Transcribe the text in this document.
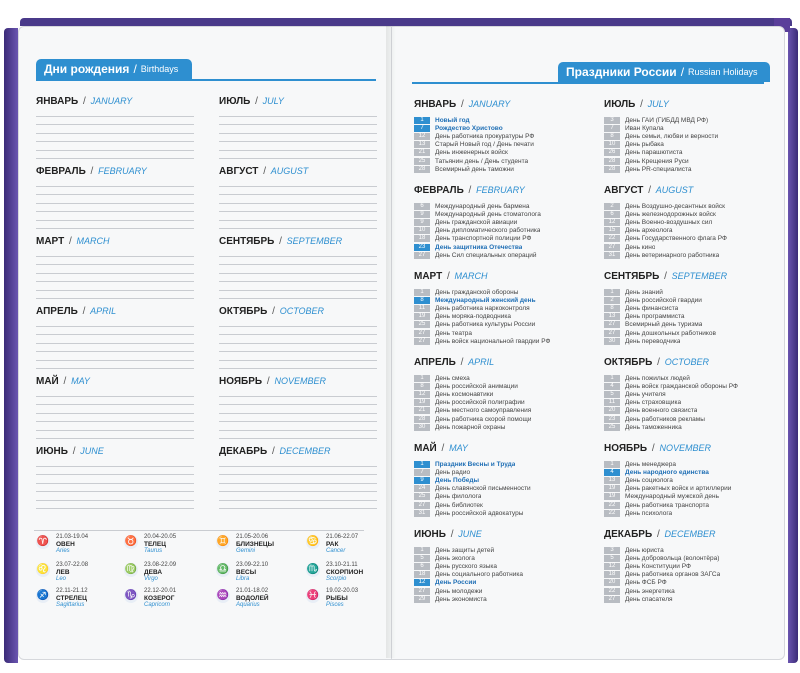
Дни рождения / Birthdays	Праздники России / Russian Holidays
ЯНВАРЬ / JANUARY
ФЕВРАЛЬ / FEBRUARY
МАРТ / MARCH
АПРЕЛЬ / APRIL
МАЙ / MAY
ИЮНЬ / JUNE
ИЮЛЬ / JULY
АВГУСТ / AUGUST
СЕНТЯБРЬ / SEPTEMBER
ОКТЯБРЬ / OCTOBER
НОЯБРЬ / NOVEMBER
ДЕКАБРЬ / DECEMBER
♈ 21.03-19.04
ОВЕН
Aries
♉ 20.04-20.05
ТЕЛЕЦ
Taurus
♊ 21.05-20.06
БЛИЗНЕЦЫ
Gemini
♋ 21.06-22.07
РАК
Cancer
♌ 23.07-22.08
ЛЕВ
Leo
♍ 23.08-22.09
ДЕВА
Virgo
♎ 23.09-22.10
ВЕСЫ
Libra
♏ 23.10-21.11
СКОРПИОН
Scorpio
♐ 22.11-21.12
СТРЕЛЕЦ
Sagittarius
♑ 22.12-20.01
КОЗЕРОГ
Capricorn
♒ 21.01-18.02
ВОДОЛЕЙ
Aquarius
♓ 19.02-20.03
РЫБЫ
Pisces
ЯНВАРЬ / JANUARY
1	Новый год
7	Рождество Христово
12	День работника прокуратуры РФ
13	Старый Новый год / День печати
21	День инженерных войск
25	Татьянин день / День студента
28	Всемирный день таможни
ФЕВРАЛЬ / FEBRUARY
6	Международный день бармена
9	Международный день стоматолога
9	День гражданской авиации
10	День дипломатического работника
18	День транспортной полиции РФ
23	День защитника Отечества
27	День Сил специальных операций
МАРТ / MARCH
1	День гражданской обороны
8	Международный женский день
11	День работника наркоконтроля
19	День моряка-подводника
25	День работника культуры России
27	День театра
27	День войск национальной гвардии РФ
АПРЕЛЬ / APRIL
1	День смеха
8	День российской анимации
12	День космонавтики
19	День российской полиграфии
21	День местного самоуправления
28	День работника скорой помощи
30	День пожарной охраны
МАЙ / MAY
1	Праздник Весны и Труда
7	День радио
9	День Победы
24	День славянской письменности
25	День филолога
27	День библиотек
31	День российской адвокатуры
ИЮНЬ / JUNE
1	День защиты детей
5	День эколога
6	День русского языка
18	День социального работника
12	День России
27	День молодежи
29	День экономиста
ИЮЛЬ / JULY
3	День ГАИ (ГИБДД МВД РФ)
7	Иван Купала
8	День семьи, любви и верности
10	День рыбака
26	День парашютиста
28	День Крещения Руси
28	День PR-специалиста
АВГУСТ / AUGUST
2	День Воздушно-десантных войск
6	День железнодорожных войск
12	День Военно-воздушных сил
15	День археолога
22	День Государственного флага РФ
27	День кино
31	День ветеринарного работника
СЕНТЯБРЬ / SEPTEMBER
1	День знаний
2	День российской гвардии
8	День финансиста
13	День программиста
27	Всемирный день туризма
27	День дошкольных работников
30	День переводчика
ОКТЯБРЬ / OCTOBER
1	День пожилых людей
4	День войск гражданской обороны РФ
5	День учителя
11	День страховщика
20	День военного связиста
23	День работников рекламы
25	День таможенника
НОЯБРЬ / NOVEMBER
1	День менеджера
4	День народного единства
13	День социолога
19	День ракетных войск и артиллерии
19	Международный мужской день
22	День работника транспорта
22	День психолога
ДЕКАБРЬ / DECEMBER
3	День юриста
5	День добровольца (волонтёра)
12	День Конституции РФ
18	День работника органов ЗАГСа
20	День ФСБ РФ
22	День энергетика
27	День спасателя
